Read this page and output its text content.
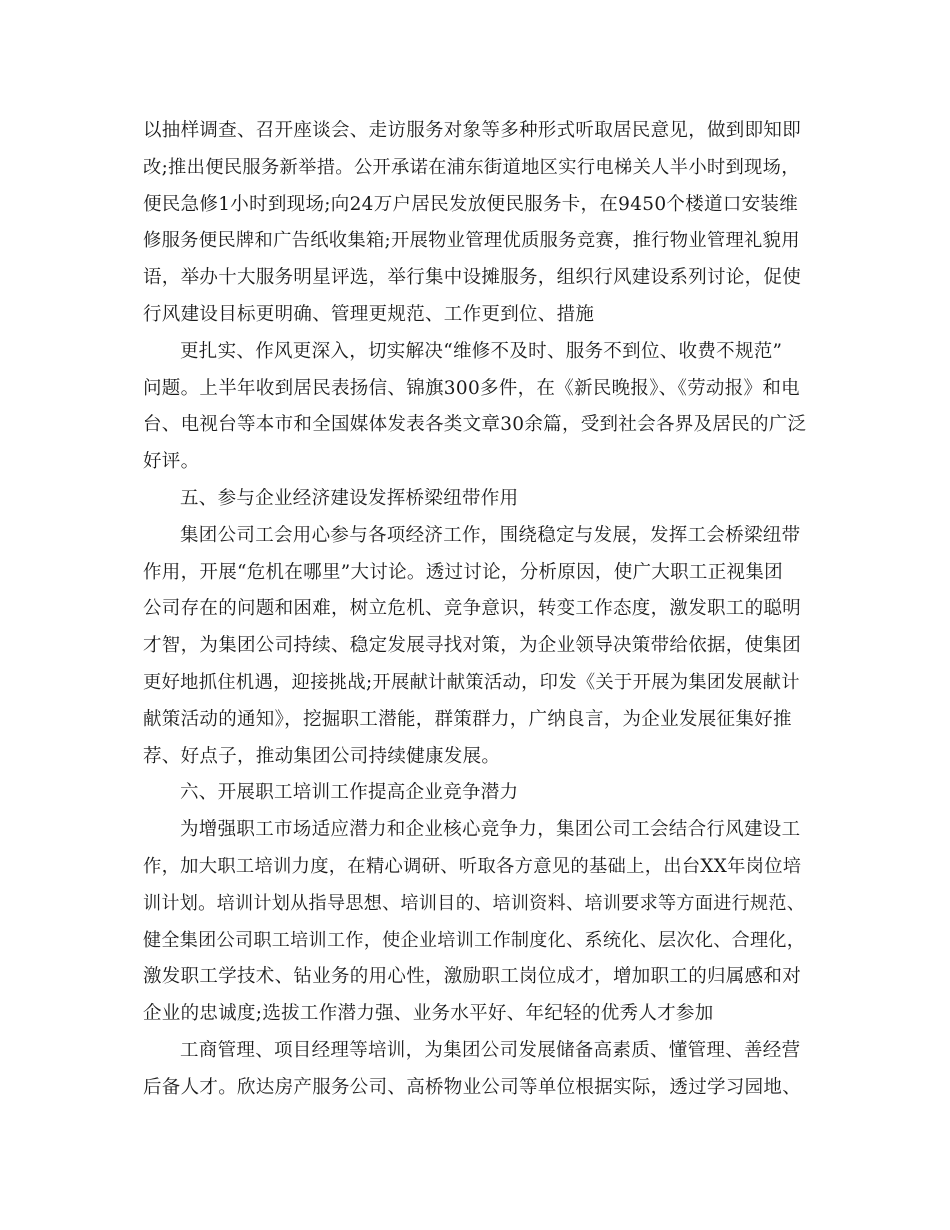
以抽样调查、召开座谈会、走访服务对象等多种形式听取居民意见，做到即知即
改;推出便民服务新举措。公开承诺在浦东街道地区实行电梯关人半小时到现场，
便民急修1小时到现场;向24万户居民发放便民服务卡，在9450个楼道口安装维
修服务便民牌和广告纸收集箱;开展物业管理优质服务竞赛，推行物业管理礼貌用
语，举办十大服务明星评选，举行集中设摊服务，组织行风建设系列讨论，促使
行风建设目标更明确、管理更规范、工作更到位、措施
更扎实、作风更深入，切实解决“维修不及时、服务不到位、收费不规范”
问题。上半年收到居民表扬信、锦旗300多件，在《新民晚报》、《劳动报》和电
台、电视台等本市和全国媒体发表各类文章30余篇，受到社会各界及居民的广泛
好评。
五、参与企业经济建设发挥桥梁纽带作用
集团公司工会用心参与各项经济工作，围绕稳定与发展，发挥工会桥梁纽带
作用，开展“危机在哪里”大讨论。透过讨论，分析原因，使广大职工正视集团
公司存在的问题和困难，树立危机、竞争意识，转变工作态度，激发职工的聪明
才智，为集团公司持续、稳定发展寻找对策，为企业领导决策带给依据，使集团
更好地抓住机遇，迎接挑战;开展献计献策活动，印发《关于开展为集团发展献计
献策活动的通知》，挖掘职工潜能，群策群力，广纳良言，为企业发展征集好推
荐、好点子，推动集团公司持续健康发展。
六、开展职工培训工作提高企业竞争潜力
为增强职工市场适应潜力和企业核心竞争力，集团公司工会结合行风建设工
作，加大职工培训力度，在精心调研、听取各方意见的基础上，出台XX年岗位培
训计划。培训计划从指导思想、培训目的、培训资料、培训要求等方面进行规范、
健全集团公司职工培训工作，使企业培训工作制度化、系统化、层次化、合理化，
激发职工学技术、钻业务的用心性，激励职工岗位成才，增加职工的归属感和对
企业的忠诚度;选拔工作潜力强、业务水平好、年纪轻的优秀人才参加
工商管理、项目经理等培训，为集团公司发展储备高素质、懂管理、善经营
后备人才。欣达房产服务公司、高桥物业公司等单位根据实际，透过学习园地、
